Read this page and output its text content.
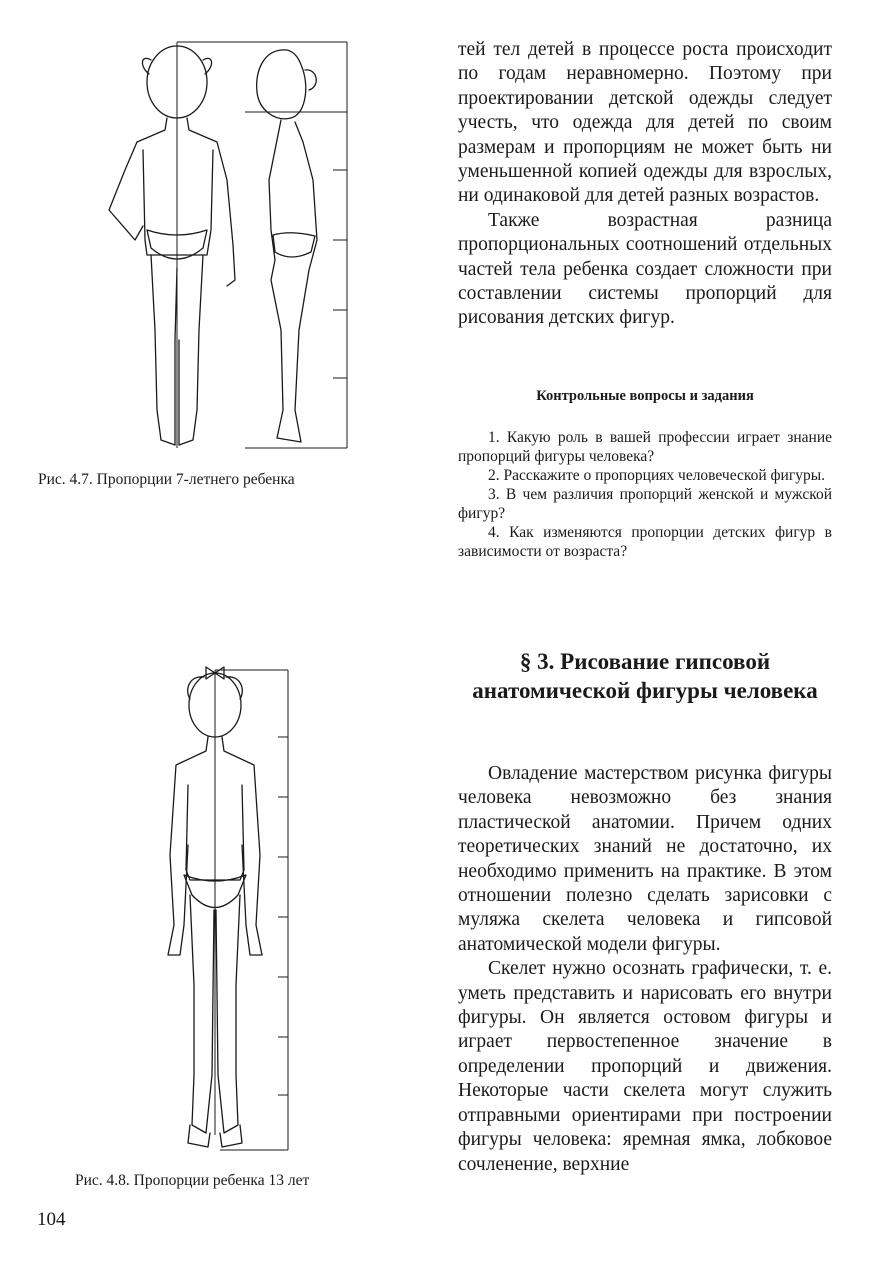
Рис. 4.7. Пропорции 7-летнего ребенка
Рис. 4.8. Пропорции ребенка 13 лет

тей тел детей в процессе роста происходит по годам неравномерно. Поэтому при проектировании детской одежды следует учесть, что одежда для детей по своим размерам и пропорциям не может быть ни уменьшенной копией одежды для взрослых, ни одинаковой для детей разных возрастов.

Также возрастная разница пропорциональных соотношений отдельных частей тела ребенка создает сложности при составлении системы пропорций для рисования детских фигур.

Контрольные вопросы и задания

1. Какую роль в вашей профессии играет знание пропорций фигуры человека?

2. Расскажите о пропорциях человеческой фигуры.

3. В чем различия пропорций женской и мужской фигур?

4. Как изменяются пропорции детских фигур в зависимости от возраста?

§ 3. Рисование гипсовой анатомической фигуры человека

Овладение мастерством рисунка фигуры человека невозможно без знания пластической анатомии. Причем одних теоретических знаний не достаточно, их необходимо применить на практике. В этом отношении полезно сделать зарисовки с муляжа скелета человека и гипсовой анатомической модели фигуры.

Скелет нужно осознать графически, т. е. уметь представить и нарисовать его внутри фигуры. Он является остовом фигуры и играет первостепенное значение в определении пропорций и движения. Некоторые части скелета могут служить отправными ориентирами при построении фигуры человека: яремная ямка, лобковое сочленение, верхние

104
